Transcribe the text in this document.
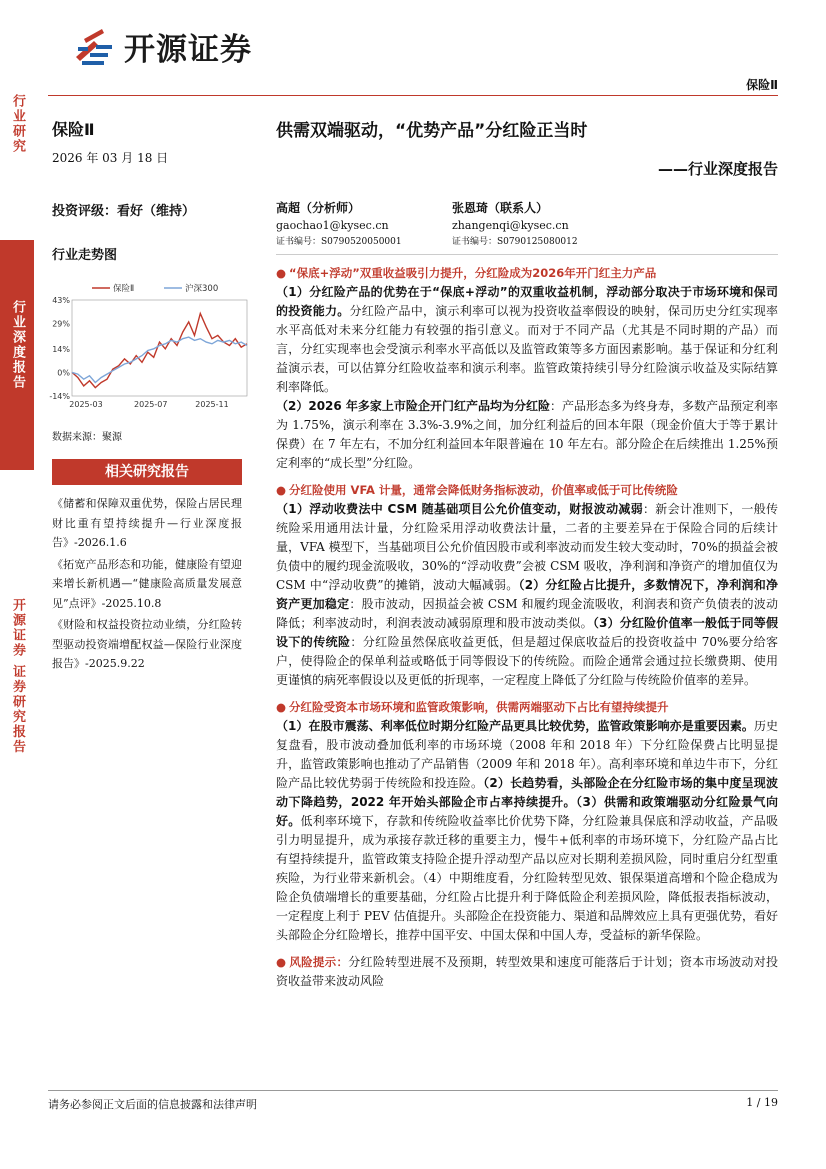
开源证券
保险Ⅱ
行业研究
行业深度报告
开源证券 证券研究报告
保险Ⅱ
2026 年 03 月 18 日
投资评级：看好（维持）
行业走势图
43%
29%
14%
0%
-14%
2025-03	2025-07	2025-11
保险Ⅱ	沪深300
数据来源：聚源
相关研究报告
《储蓄和保障双重优势，保险占居民理财比重有望持续提升—行业深度报告》-2026.1.6
《拓宽产品形态和功能，健康险有望迎来增长新机遇—“健康险高质量发展意见”点评》-2025.10.8
《财险和权益投资拉动业绩，分红险转型驱动投资端增配权益—保险行业深度报告》-2025.9.22
供需双端驱动，“优势产品”分红险正当时
——行业深度报告
高超（分析师）
gaochao1@kysec.cn
证书编号：S0790520050001
张恩琦（联系人）
zhangenqi@kysec.cn
证书编号：S0790125080012
● “保底+浮动”双重收益吸引力提升，分红险成为2026年开门红主力产品

（1）分红险产品的优势在于“保底+浮动”的双重收益机制，浮动部分取决于市场环境和保司的投资能力。分红险产品中，演示利率可以视为投资收益率假设的映射，保司历史分红实现率水平高低对未来分红能力有较强的指引意义。而对于不同产品（尤其是不同时期的产品）而言，分红实现率也会受演示利率水平高低以及监管政策等多方面因素影响。基于保证和分红利益演示表，可以估算分红险收益率和演示利率。监管政策持续引导分红险演示收益及实际结算利率降低。

（2）2026 年多家上市险企开门红产品均为分红险：产品形态多为终身寿，多数产品预定利率为 1.75%，演示利率在 3.3%-3.9%之间，加分红利益后的回本年限（现金价值大于等于累计保费）在 7 年左右，不加分红利益回本年限普遍在 10 年左右。部分险企在后续推出 1.25%预定利率的“成长型”分红险。

● 分红险使用 VFA 计量，通常会降低财务指标波动，价值率或低于可比传统险

（1）浮动收费法中 CSM 随基础项目公允价值变动，财报波动减弱：新会计准则下，一般传统险采用通用法计量，分红险采用浮动收费法计量，二者的主要差异在于保险合同的后续计量，VFA 模型下，当基础项目公允价值因股市或利率波动而发生较大变动时，70%的损益会被负债中的履约现金流吸收，30%的“浮动收费”会被 CSM 吸收，净利润和净资产的增加值仅为 CSM 中“浮动收费”的摊销，波动大幅减弱。（2）分红险占比提升，多数情况下，净利润和净资产更加稳定：股市波动，因损益会被 CSM 和履约现金流吸收，利润表和资产负债表的波动降低；利率波动时，利润表波动减弱原理和股市波动类似。（3）分红险价值率一般低于同等假设下的传统险：分红险虽然保底收益更低，但是超过保底收益后的投资收益中 70%要分给客户，使得险企的保单利益或略低于同等假设下的传统险。而险企通常会通过拉长缴费期、使用更谨慎的病死率假设以及更低的折现率，一定程度上降低了分红险与传统险价值率的差异。

● 分红险受资本市场环境和监管政策影响，供需两端驱动下占比有望持续提升

（1）在股市震荡、利率低位时期分红险产品更具比较优势，监管政策影响亦是重要因素。历史复盘看，股市波动叠加低利率的市场环境（2008 年和 2018 年）下分红险保费占比明显提升，监管政策影响也推动了产品销售（2009 年和 2018 年）。高利率环境和单边牛市下，分红险产品比较优势弱于传统险和投连险。（2）长趋势看，头部险企在分红险市场的集中度呈现波动下降趋势，2022 年开始头部险企市占率持续提升。（3）供需和政策端驱动分红险景气向好。低利率环境下，存款和传统险收益率比价优势下降，分红险兼具保底和浮动收益，产品吸引力明显提升，成为承接存款迁移的重要主力，慢牛+低利率的市场环境下，分红险产品占比有望持续提升，监管政策支持险企提升浮动型产品以应对长期利差损风险，同时重启分红型重疾险，为行业带来新机会。（4）中期维度看，分红险转型见效、银保渠道高增和个险企稳成为险企负债端增长的重要基础，分红险占比提升利于降低险企利差损风险，降低报表指标波动，一定程度上利于 PEV 估值提升。头部险企在投资能力、渠道和品牌效应上具有更强优势，看好头部险企分红险增长，推荐中国平安、中国太保和中国人寿，受益标的新华保险。

● 风险提示：分红险转型进展不及预期，转型效果和速度可能落后于计划；资本市场波动对投资收益带来波动风险

请务必参阅正文后面的信息披露和法律声明	1 / 19
